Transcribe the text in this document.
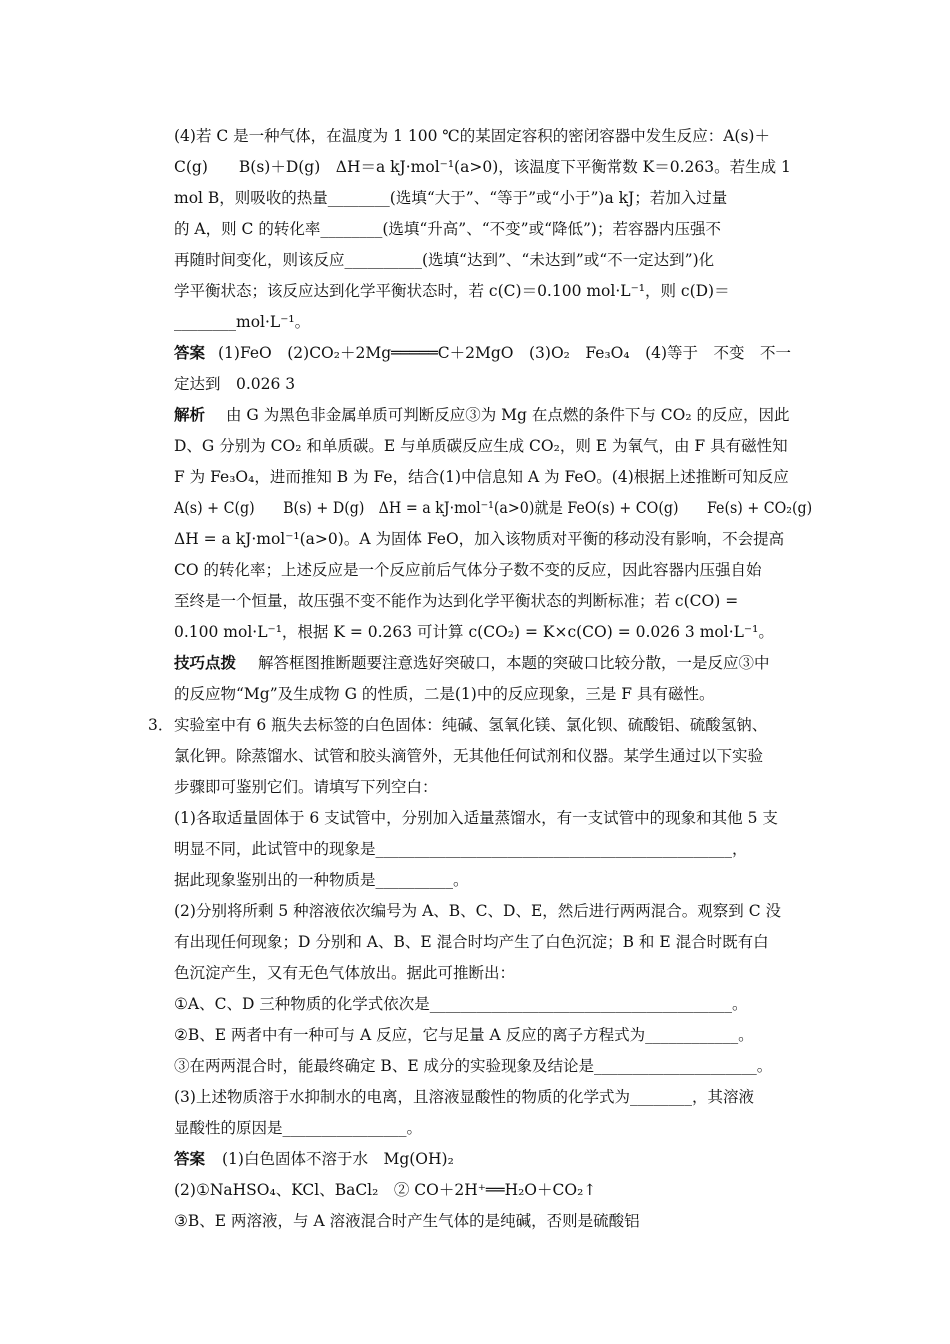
(4)若 C 是一种气体，在温度为 1 100 ℃的某固定容积的密闭容器中发生反应：A(s)＋
C(g)　　B(s)＋D(g)　ΔH＝a kJ·mol⁻¹(a>0)，该温度下平衡常数 K＝0.263。若生成 1
mol B，则吸收的热量________(选填“大于”、“等于”或“小于”)a kJ；若加入过量
的 A，则 C 的转化率________(选填“升高”、“不变”或“降低”)；若容器内压强不
再随时间变化，则该反应__________(选填“达到”、“未达到”或“不一定达到”)化
学平衡状态；该反应达到化学平衡状态时，若 c(C)＝0.100 mol·L⁻¹，则 c(D)＝
________mol·L⁻¹。
答案 (1)FeO　(2)CO₂＋2Mg═════C＋2MgO　(3)O₂　Fe₃O₄　(4)等于　不变　不一
定达到　0.026 3
解析 由 G 为黑色非金属单质可判断反应③为 Mg 在点燃的条件下与 CO₂ 的反应，因此
D、G 分别为 CO₂ 和单质碳。E 与单质碳反应生成 CO₂，则 E 为氧气，由 F 具有磁性知
F 为 Fe₃O₄，进而推知 B 为 Fe，结合(1)中信息知 A 为 FeO。(4)根据上述推断可知反应
A(s) + C(g)　　B(s) + D(g)　ΔH = a kJ·mol⁻¹(a>0)就是 FeO(s) + CO(g)　　Fe(s) + CO₂(g)
ΔH = a kJ·mol⁻¹(a>0)。A 为固体 FeO，加入该物质对平衡的移动没有影响，不会提高
CO 的转化率；上述反应是一个反应前后气体分子数不变的反应，因此容器内压强自始
至终是一个恒量，故压强不变不能作为达到化学平衡状态的判断标准；若 c(CO) =
0.100 mol·L⁻¹，根据 K = 0.263 可计算 c(CO₂) = K×c(CO) = 0.026 3 mol·L⁻¹。
技巧点拨 解答框图推断题要注意选好突破口，本题的突破口比较分散，一是反应③中
的反应物“Mg”及生成物 G 的性质，二是(1)中的反应现象，三是 F 具有磁性。
3． 实验室中有 6 瓶失去标签的白色固体：纯碱、氢氧化镁、氯化钡、硫酸铝、硫酸氢钠、
氯化钾。除蒸馏水、试管和胶头滴管外，无其他任何试剂和仪器。某学生通过以下实验
步骤即可鉴别它们。请填写下列空白：
(1)各取适量固体于 6 支试管中，分别加入适量蒸馏水，有一支试管中的现象和其他 5 支
明显不同，此试管中的现象是______________________________________________，
据此现象鉴别出的一种物质是__________。
(2)分别将所剩 5 种溶液依次编号为 A、B、C、D、E，然后进行两两混合。观察到 C 没
有出现任何现象；D 分别和 A、B、E 混合时均产生了白色沉淀；B 和 E 混合时既有白
色沉淀产生，又有无色气体放出。据此可推断出：
①A、C、D 三种物质的化学式依次是_______________________________________。
②B、E 两者中有一种可与 A 反应，它与足量 A 反应的离子方程式为____________。
③在两两混合时，能最终确定 B、E 成分的实验现象及结论是_____________________。
(3)上述物质溶于水抑制水的电离，且溶液显酸性的物质的化学式为________，其溶液
显酸性的原因是________________。
答案 (1)白色固体不溶于水　Mg(OH)₂
(2)①NaHSO₄、KCl、BaCl₂　② CO＋2H⁺══H₂O＋CO₂↑
③B、E 两溶液，与 A 溶液混合时产生气体的是纯碱，否则是硫酸铝
